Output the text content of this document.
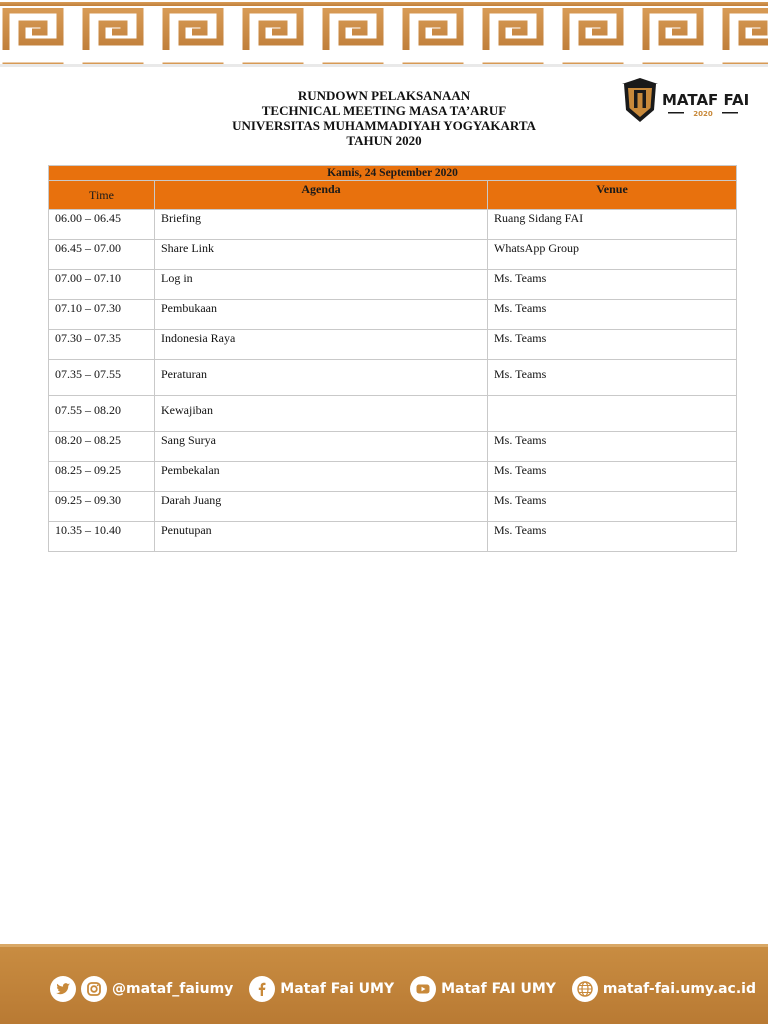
RUNDOWN PELAKSANAAN
TECHNICAL MEETING MASA TA’ARUF
UNIVERSITAS MUHAMMADIYAH YOGYAKARTA
TAHUN 2020
MATAF FAI
2020
Kamis, 24 September 2020		
Time	Agenda	Venue
06.00 – 06.45	Briefing	Ruang Sidang FAI
06.45 – 07.00	Share Link	WhatsApp Group
07.00 – 07.10	Log in	Ms. Teams
07.10 – 07.30	Pembukaan	Ms. Teams
07.30 – 07.35	Indonesia Raya	Ms. Teams
07.35 – 07.55	Peraturan	Ms. Teams
07.55 – 08.20	Kewajiban	
08.20 – 08.25	Sang Surya	Ms. Teams
08.25 – 09.25	Pembekalan	Ms. Teams
09.25 – 09.30	Darah Juang	Ms. Teams
10.35 – 10.40	Penutupan	Ms. Teams
@mataf_faiumy	Mataf Fai UMY	Mataf FAI UMY	mataf-fai.umy.ac.id
